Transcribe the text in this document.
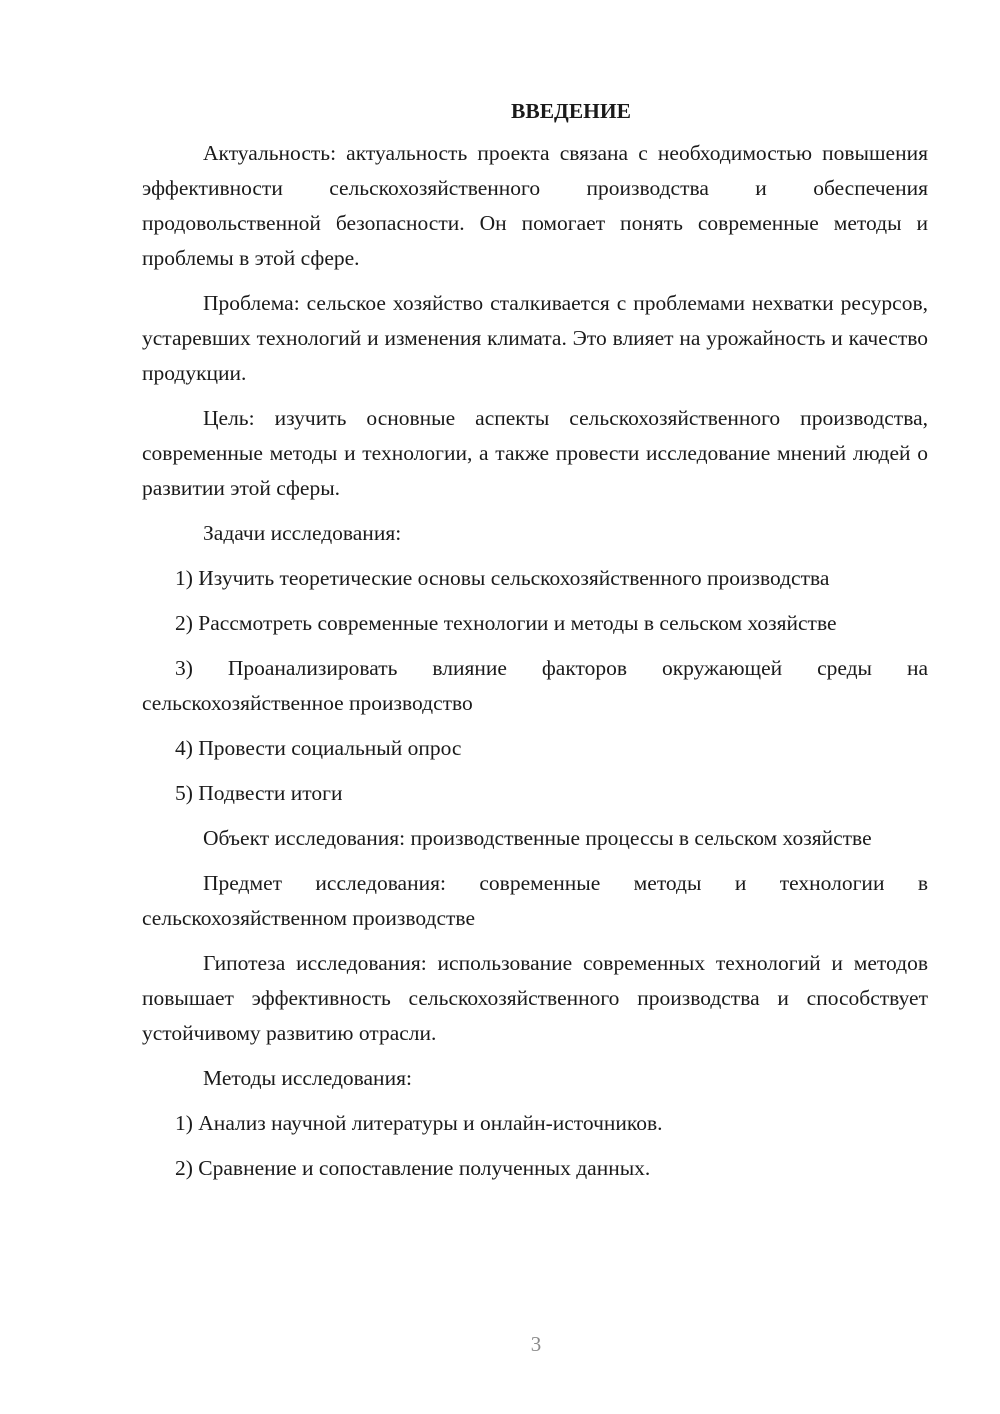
ВВЕДЕНИЕ

Актуальность: актуальность проекта связана с необходимостью повышения эффективности сельскохозяйственного производства и обеспечения продовольственной безопасности. Он помогает понять современные методы и проблемы в этой сфере.

Проблема: сельское хозяйство сталкивается с проблемами нехватки ресурсов, устаревших технологий и изменения климата. Это влияет на урожайность и качество продукции.

Цель: изучить основные аспекты сельскохозяйственного производства, современные методы и технологии, а также провести исследование мнений людей о развитии этой сферы.

Задачи исследования:

1) Изучить теоретические основы сельскохозяйственного производства

2) Рассмотреть современные технологии и методы в сельском хозяйстве

3) Проанализировать влияние факторов окружающей среды на сельскохозяйственное производство

4) Провести социальный опрос

5) Подвести итоги

Объект исследования: производственные процессы в сельском хозяйстве

Предмет исследования: современные методы и технологии в сельскохозяйственном производстве

Гипотеза исследования: использование современных технологий и методов повышает эффективность сельскохозяйственного производства и способствует устойчивому развитию отрасли.

Методы исследования:

1) Анализ научной литературы и онлайн-источников.

2) Сравнение и сопоставление полученных данных.

3
